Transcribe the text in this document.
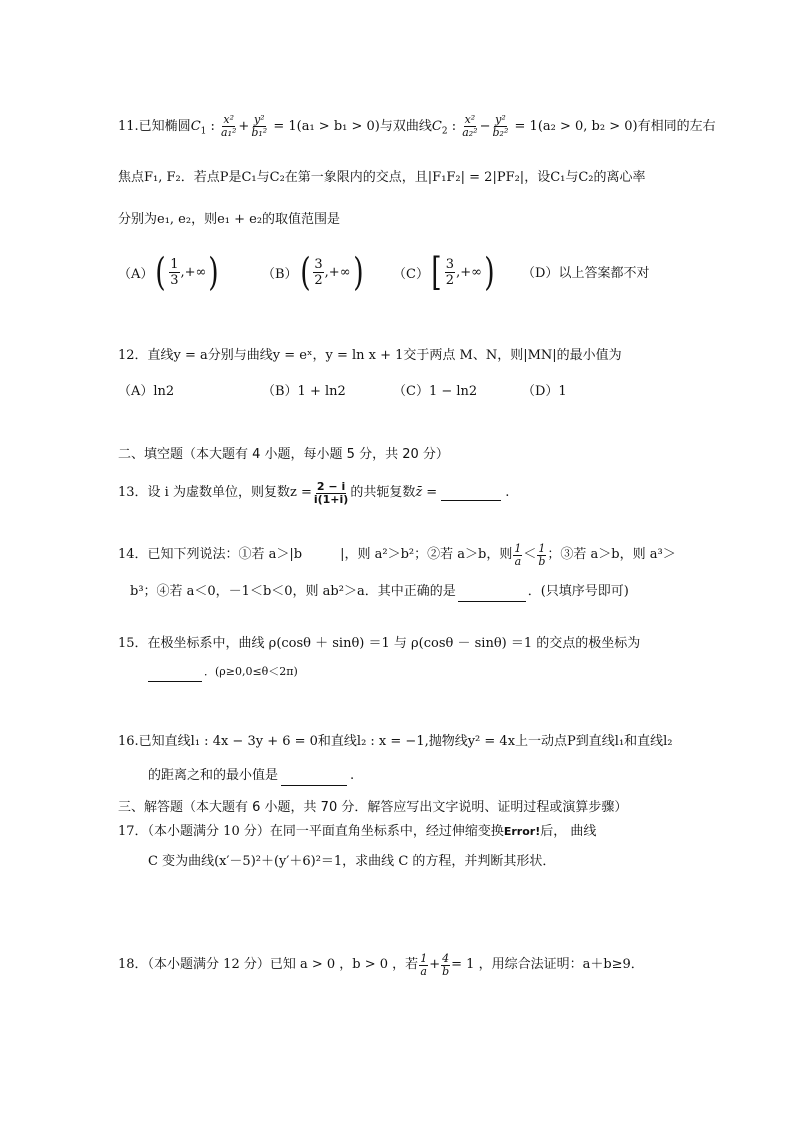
11.已知椭圆$C_1$ : $\frac{\text{x²}}{\text{a₁²}} + \frac{\text{y²}}{\text{b₁²}} = 1(a_1 > b_1 > 0)$与双曲线$C_2$ : $\frac{\text{x²}}{\text{a₂²}} - \frac{\text{y²}}{\text{b₂²}} = 1(a_2 > 0$, b₂ > 0)有相同的左右
焦点F₁, F₂．若点P是C₁与C₂在第一象限内的交点，且|F₁F₂| = 2|PF₂|，设C₁与C₂的离心率
分别为e₁, e₂，则e₁ + e₂的取值范围是
（A） ( $\frac{1}{3}$ ,+∞ )	（B） ( $\frac{3}{2}$ ,+∞ ) （C） [ $\frac{3}{2}$ ,+∞ ) （D） 以上答案都不对
12．直线y = a分别与曲线y = eˣ，y = ln x + 1交于两点 M、N，则|MN|的最小值为
（A）ln2	（B）1 + ln2	（C）1 − ln2	（D）1
二、填空题（本大题有 4 小题，每小题 5 分，共 20 分）
13．设 i 为虚数单位，则复数$z = \frac{2 - i}{i(1+i)}$ 的共轭复数 z̄ =	.
14．已知下列说法：①若 a＞|b	|，则 a²＞b²；②若 a＞b，则 $\frac{1}{a} < \frac{1}{b}$ ；③若 a＞b，则 a³＞
b³；④若 a＜0，－1＜b＜0，则 ab²＞a．其中正确的是	．(只填序号即可)
15．在极坐标系中，曲线 ρ(cosθ ＋ sinθ) ＝1 与 ρ(cosθ － sinθ) ＝1 的交点的极坐标为
．(ρ≥0,0≤θ＜2π)
16.已知直线l₁ : 4x − 3y + 6 = 0和直线l₂ : x = −1,抛物线y² = 4x上一动点P到直线l₁和直线l₂
的距离之和的最小值是	.
三、解答题（本大题有 6 小题，共 70 分．解答应写出文字说明、证明过程或演算步骤）
17．（本小题满分 10 分）在同一平面直角坐标系中，经过伸缩变换Error!后， 曲线
C 变为曲线(x′－5)²＋(y′＋6)²＝1，求曲线 C 的方程，并判断其形状．
18．（本小题满分 12 分）已知 a > 0 ，b > 0 ，若 $\frac{1}{a} + \frac{4}{b} = 1$ ，用综合法证明：a＋b≥9．
